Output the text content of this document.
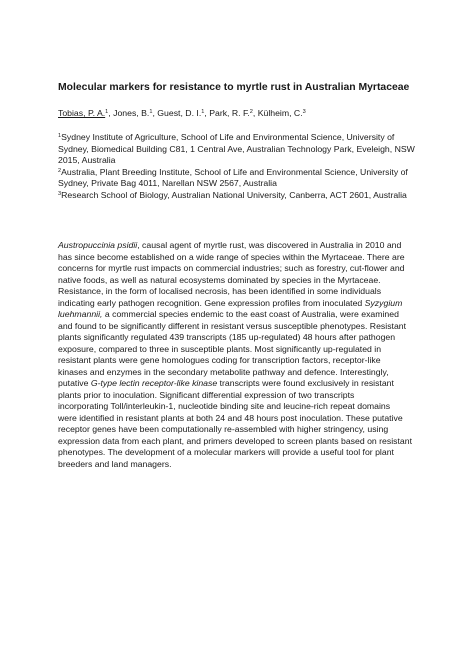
Molecular markers for resistance to myrtle rust in Australian Myrtaceae
Tobias, P. A.$^1$, Jones, B.$^1$, Guest, D. I.$^1$, Park, R. F.$^2$, Külheim, C.$^3$
$^1$Sydney Institute of Agriculture, School of Life and Environmental Science, University of
Sydney, Biomedical Building C81, 1 Central Ave, Australian Technology Park, Eveleigh, NSW
2015, Australia
$^2$Australia, Plant Breeding Institute, School of Life and Environmental Science, University of
Sydney, Private Bag 4011, Narellan NSW 2567, Australia
$^3$Research School of Biology, Australian National University, Canberra, ACT 2601, Australia
Austropuccinia psidii, causal agent of myrtle rust, was discovered in Australia in 2010 and
has since become established on a wide range of species within the Myrtaceae. There are
concerns for myrtle rust impacts on commercial industries; such as forestry, cut-flower and
native foods, as well as natural ecosystems dominated by species in the Myrtaceae.
Resistance, in the form of localised necrosis, has been identified in some individuals
indicating early pathogen recognition. Gene expression profiles from inoculated Syzygium
luehmannii, a commercial species endemic to the east coast of Australia, were examined
and found to be significantly different in resistant versus susceptible phenotypes. Resistant
plants significantly regulated 439 transcripts (185 up-regulated) 48 hours after pathogen
exposure, compared to three in susceptible plants. Most significantly up-regulated in
resistant plants were gene homologues coding for transcription factors, receptor-like
kinases and enzymes in the secondary metabolite pathway and defence. Interestingly,
putative G-type lectin receptor-like kinase transcripts were found exclusively in resistant
plants prior to inoculation. Significant differential expression of two transcripts
incorporating Toll/interleukin-1, nucleotide binding site and leucine-rich repeat domains
were identified in resistant plants at both 24 and 48 hours post inoculation. These putative
receptor genes have been computationally re-assembled with higher stringency, using
expression data from each plant, and primers developed to screen plants based on resistant
phenotypes. The development of a molecular markers will provide a useful tool for plant
breeders and land managers.
